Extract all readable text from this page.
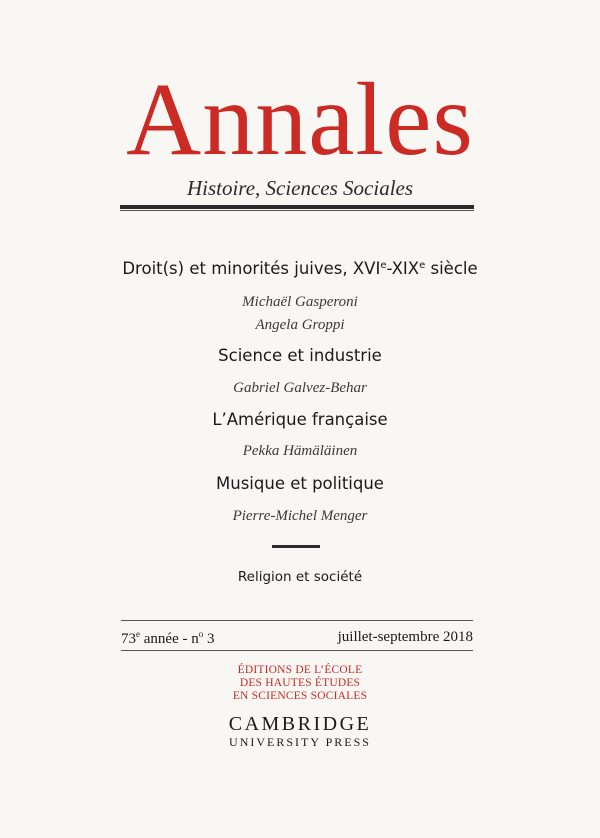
Annales
Histoire, Sciences Sociales
Droit(s) et minorités juives, XVIe-XIXe siècle
Michaël Gasperoni
Angela Groppi
Science et industrie
Gabriel Galvez-Behar
L’Amérique française
Pekka Hämäläinen
Musique et politique
Pierre-Michel Menger
Religion et société
73e année - $n^o$ 3	juillet-septembre 2018
ÉDITIONS DE L’ÉCOLE
DES HAUTES ÉTUDES
EN SCIENCES SOCIALES
CAMBRIDGE
UNIVERSITY PRESS
